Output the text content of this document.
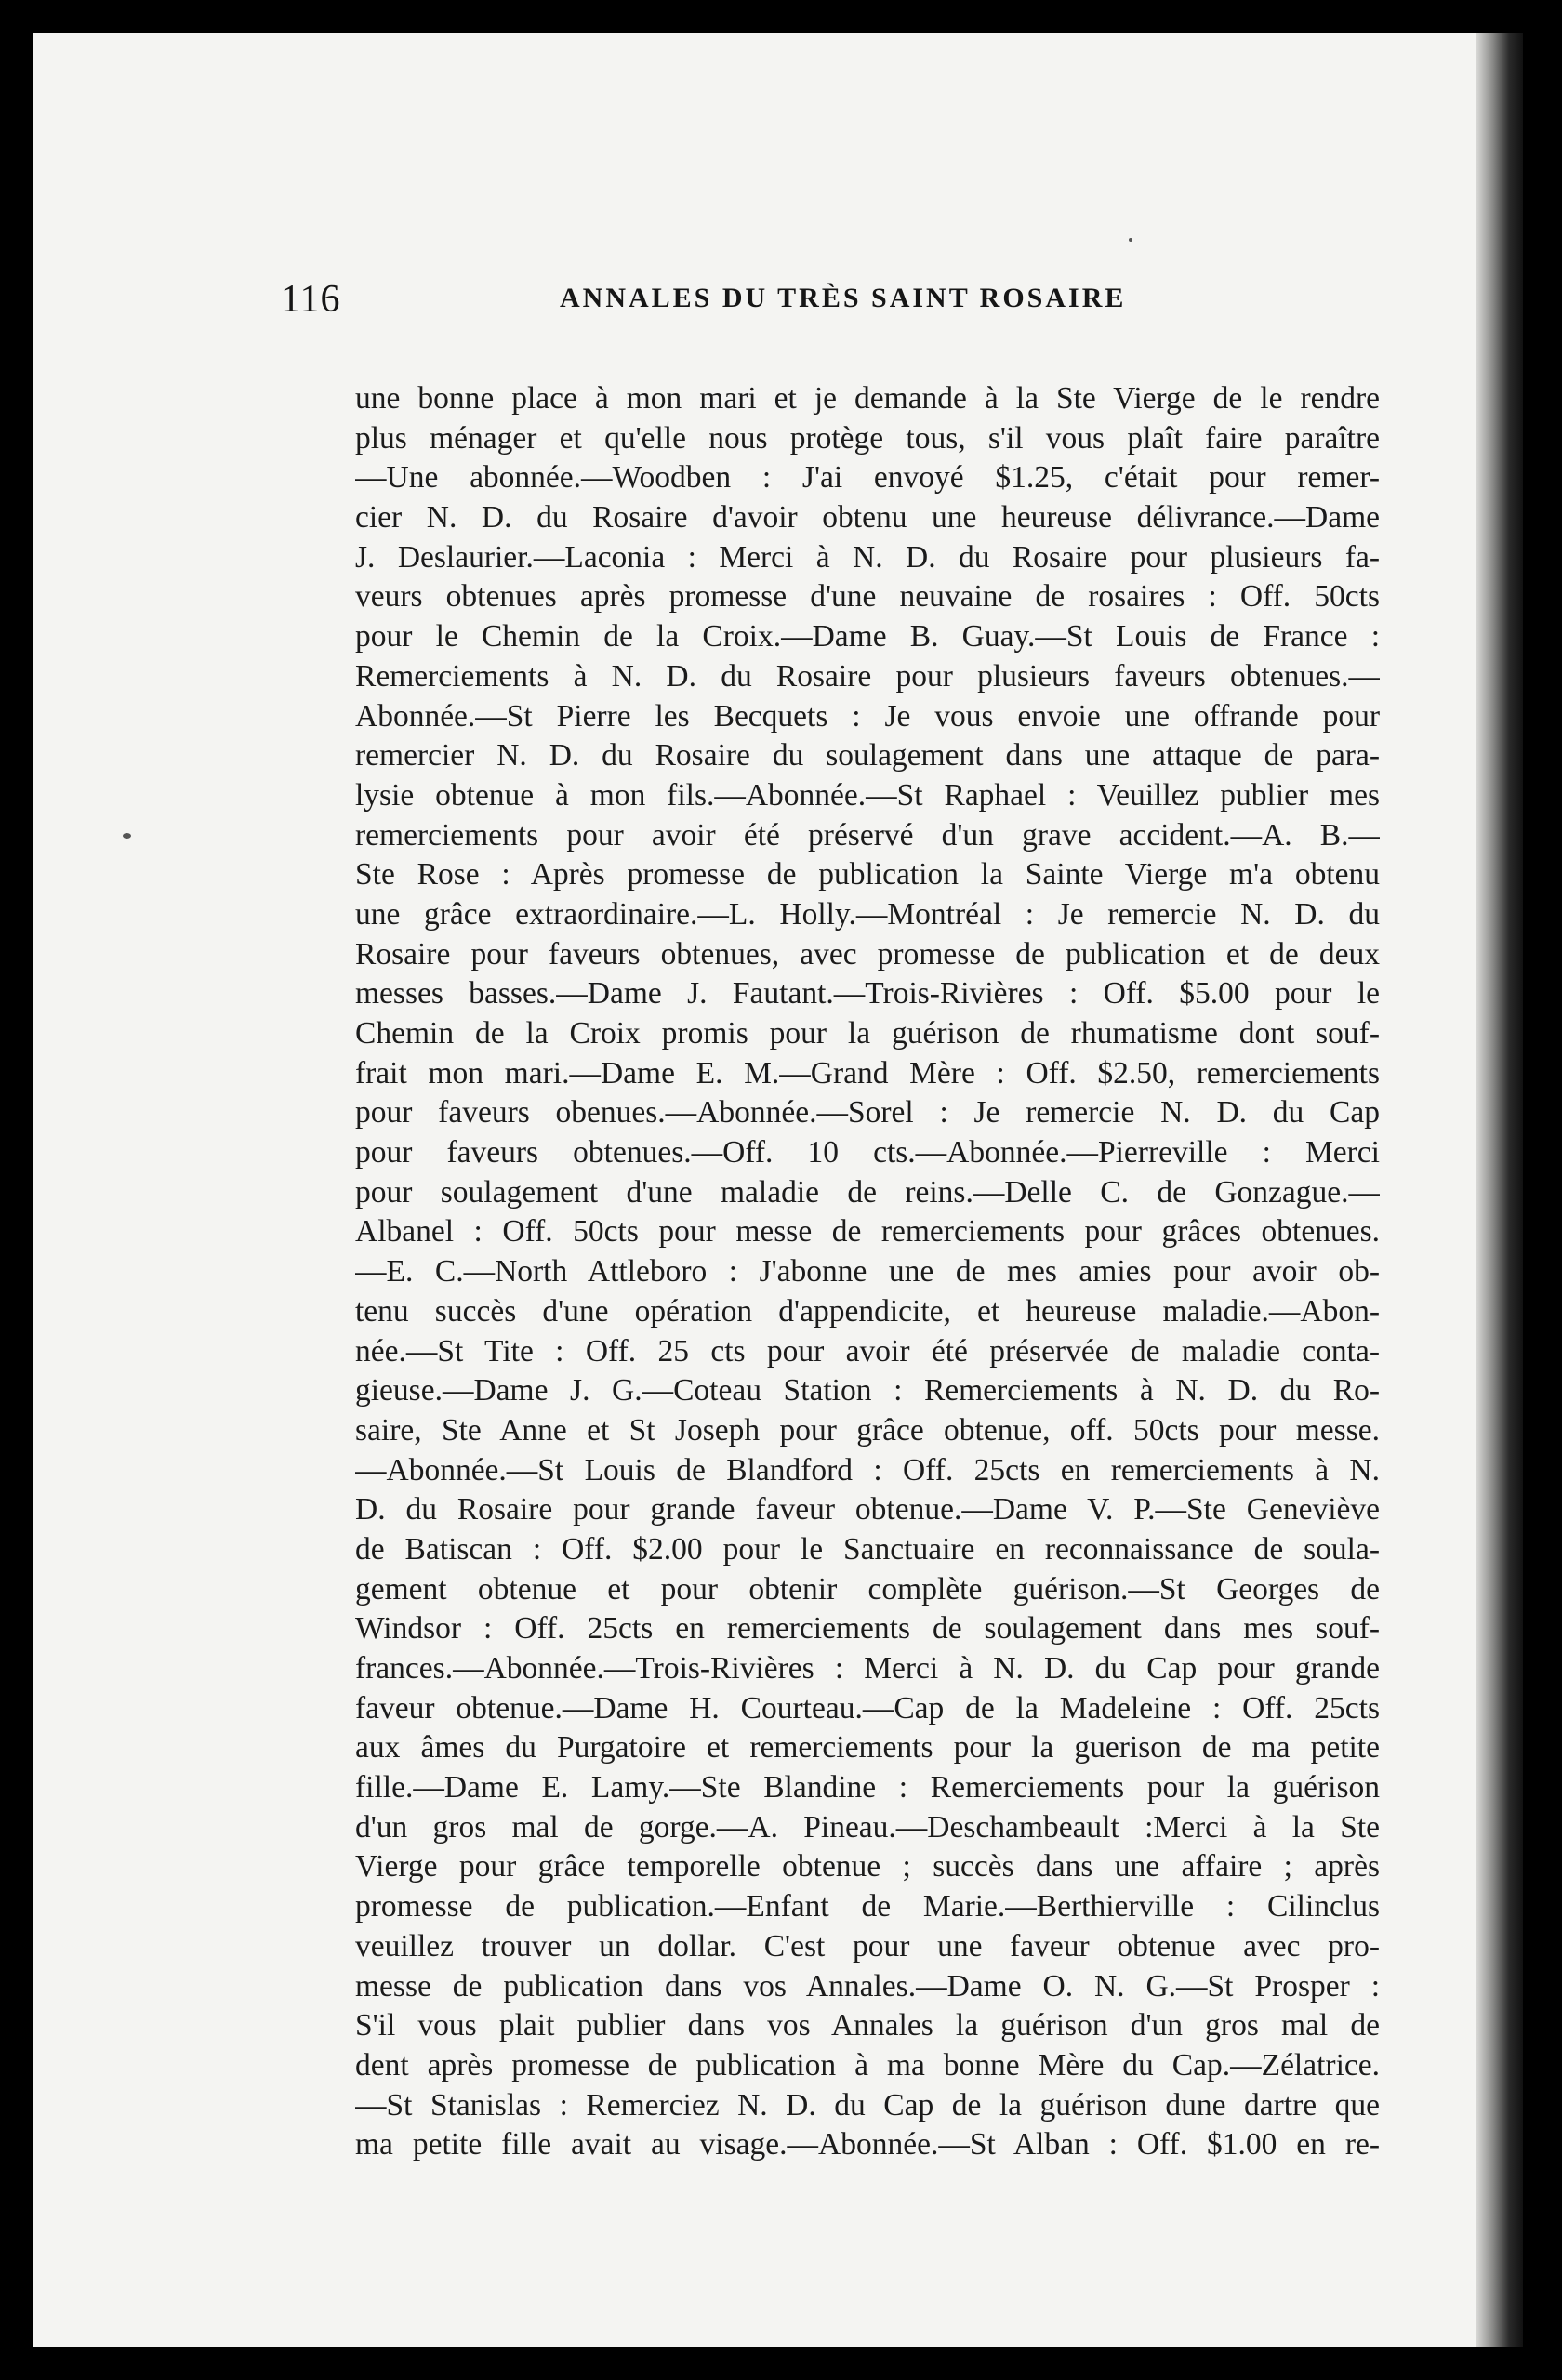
116	ANNALES DU TRÈS SAINT ROSAIRE
une bonne place à mon mari et je demande à la Ste Vierge de le rendre
plus ménager et qu'elle nous protège tous, s'il vous plaît faire paraître
—Une abonnée.—Woodben : J'ai envoyé $1.25, c'était pour remer-
cier N. D. du Rosaire d'avoir obtenu une heureuse délivrance.—Dame
J. Deslaurier.—Laconia : Merci à N. D. du Rosaire pour plusieurs fa-
veurs obtenues après promesse d'une neuvaine de rosaires : Off. 50cts
pour le Chemin de la Croix.—Dame B. Guay.—St Louis de France :
Remerciements à N. D. du Rosaire pour plusieurs faveurs obtenues.—
Abonnée.—St Pierre les Becquets : Je vous envoie une offrande pour
remercier N. D. du Rosaire du soulagement dans une attaque de para-
lysie obtenue à mon fils.—Abonnée.—St Raphael : Veuillez publier mes
remerciements pour avoir été préservé d'un grave accident.—A. B.—
Ste Rose : Après promesse de publication la Sainte Vierge m'a obtenu
une grâce extraordinaire.—L. Holly.—Montréal : Je remercie N. D. du
Rosaire pour faveurs obtenues, avec promesse de publication et de deux
messes basses.—Dame J. Fautant.—Trois-Rivières : Off. $5.00 pour le
Chemin de la Croix promis pour la guérison de rhumatisme dont souf-
frait mon mari.—Dame E. M.—Grand Mère : Off. $2.50, remerciements
pour faveurs obenues.—Abonnée.—Sorel : Je remercie N. D. du Cap
pour faveurs obtenues.—Off. 10 cts.—Abonnée.—Pierreville : Merci
pour soulagement d'une maladie de reins.—Delle C. de Gonzague.—
Albanel : Off. 50cts pour messe de remerciements pour grâces obtenues.
—E. C.—North Attleboro : J'abonne une de mes amies pour avoir ob-
tenu succès d'une opération d'appendicite, et heureuse maladie.—Abon-
née.—St Tite : Off. 25 cts pour avoir été préservée de maladie conta-
gieuse.—Dame J. G.—Coteau Station : Remerciements à N. D. du Ro-
saire, Ste Anne et St Joseph pour grâce obtenue, off. 50cts pour messe.
—Abonnée.—St Louis de Blandford : Off. 25cts en remerciements à N.
D. du Rosaire pour grande faveur obtenue.—Dame V. P.—Ste Geneviève
de Batiscan : Off. $2.00 pour le Sanctuaire en reconnaissance de soula-
gement obtenue et pour obtenir complète guérison.—St Georges de
Windsor : Off. 25cts en remerciements de soulagement dans mes souf-
frances.—Abonnée.—Trois-Rivières : Merci à N. D. du Cap pour grande
faveur obtenue.—Dame H. Courteau.—Cap de la Madeleine : Off. 25cts
aux âmes du Purgatoire et remerciements pour la guerison de ma petite
fille.—Dame E. Lamy.—Ste Blandine : Remerciements pour la guérison
d'un gros mal de gorge.—A. Pineau.—Deschambeault :Merci à la Ste
Vierge pour grâce temporelle obtenue ; succès dans une affaire ; après
promesse de publication.—Enfant de Marie.—Berthierville : Cilinclus
veuillez trouver un dollar. C'est pour une faveur obtenue avec pro-
messe de publication dans vos Annales.—Dame O. N. G.—St Prosper :
S'il vous plait publier dans vos Annales la guérison d'un gros mal de
dent après promesse de publication à ma bonne Mère du Cap.—Zélatrice.
—St Stanislas : Remerciez N. D. du Cap de la guérison dune dartre que
ma petite fille avait au visage.—Abonnée.—St Alban : Off. $1.00 en re-
